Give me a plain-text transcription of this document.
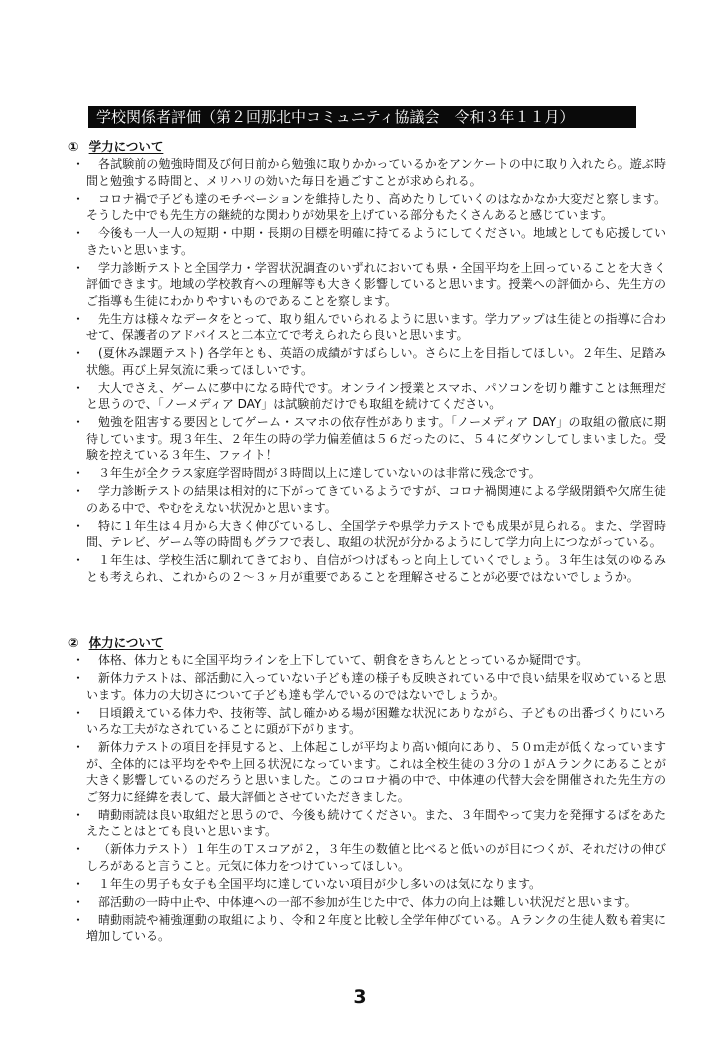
学校関係者評価（第２回那北中コミュニティ協議会　令和３年１１月）
① 学力について
・	各試験前の勉強時間及び何日前から勉強に取りかかっているかをアンケートの中に取り入れたら。遊ぶ時間と勉強する時間と、メリハリの効いた毎日を過ごすことが求められる。
・	コロナ禍で子ども達のモチベーションを維持したり、高めたりしていくのはなかなか大変だと察します。そうした中でも先生方の継続的な関わりが効果を上げている部分もたくさんあると感じています。
・	今後も一人一人の短期・中期・長期の目標を明確に持てるようにしてください。地域としても応援していきたいと思います。
・	学力診断テストと全国学力・学習状況調査のいずれにおいても県・全国平均を上回っていることを大きく評価できます。地域の学校教育への理解等も大きく影響していると思います。授業への評価から、先生方のご指導も生徒にわかりやすいものであることを察します。
・	先生方は様々なデータをとって、取り組んでいられるように思います。学力アップは生徒との指導に合わせて、保護者のアドバイスと二本立てで考えられたら良いと思います。
・	(夏休み課題テスト) 各学年とも、英語の成績がすばらしい。さらに上を目指してほしい。２年生、足踏み状態。再び上昇気流に乗ってほしいです。
・	大人でさえ、ゲームに夢中になる時代です。オンライン授業とスマホ、パソコンを切り離すことは無理だと思うので、「ノーメディア DAY」は試験前だけでも取組を続けてください。
・	勉強を阻害する要因としてゲーム・スマホの依存性があります。「ノーメディア DAY」の取組の徹底に期待しています。現３年生、２年生の時の学力偏差値は５６だったのに、５４にダウンしてしまいました。受験を控えている３年生、ファイト！
・	３年生が全クラス家庭学習時間が３時間以上に達していないのは非常に残念です。
・	学力診断テストの結果は相対的に下がってきているようですが、コロナ禍関連による学級閉鎖や欠席生徒のある中で、やむをえない状況かと思います。
・	特に１年生は４月から大きく伸びているし、全国学テや県学力テストでも成果が見られる。また、学習時間、テレビ、ゲーム等の時間もグラフで表し、取組の状況が分かるようにして学力向上につながっている。
・	１年生は、学校生活に馴れてきており、自信がつけばもっと向上していくでしょう。３年生は気のゆるみとも考えられ、これからの２～３ヶ月が重要であることを理解させることが必要ではないでしょうか。
② 体力について
・	体格、体力ともに全国平均ラインを上下していて、朝食をきちんととっているか疑問です。
・	新体力テストは、部活動に入っていない子ども達の様子も反映されている中で良い結果を収めていると思います。体力の大切さについて子ども達も学んでいるのではないでしょうか。
・	日頃鍛えている体力や、技術等、試し確かめる場が困難な状況にありながら、子どもの出番づくりにいろいろな工夫がなされていることに頭が下がります。
・	新体力テストの項目を拝見すると、上体起こしが平均より高い傾向にあり、５０ｍ走が低くなっていますが、全体的には平均をやや上回る状況になっています。これは全校生徒の３分の１がＡランクにあることが大きく影響しているのだろうと思いました。このコロナ禍の中で、中体連の代替大会を開催された先生方のご努力に経緯を表して、最大評価とさせていただきました。
・	晴動雨読は良い取組だと思うので、今後も続けてください。また、３年間やって実力を発揮するばをあたえたことはとても良いと思います。
・	（新体力テスト）１年生のＴスコアが２，３年生の数値と比べると低いのが目につくが、それだけの伸びしろがあると言うこと。元気に体力をつけていってほしい。
・	１年生の男子も女子も全国平均に達していない項目が少し多いのは気になります。
・	部活動の一時中止や、中体連への一部不参加が生じた中で、体力の向上は難しい状況だと思います。
・	晴動雨読や補強運動の取組により、令和２年度と比較し全学年伸びている。Ａランクの生徒人数も着実に増加している。
3
